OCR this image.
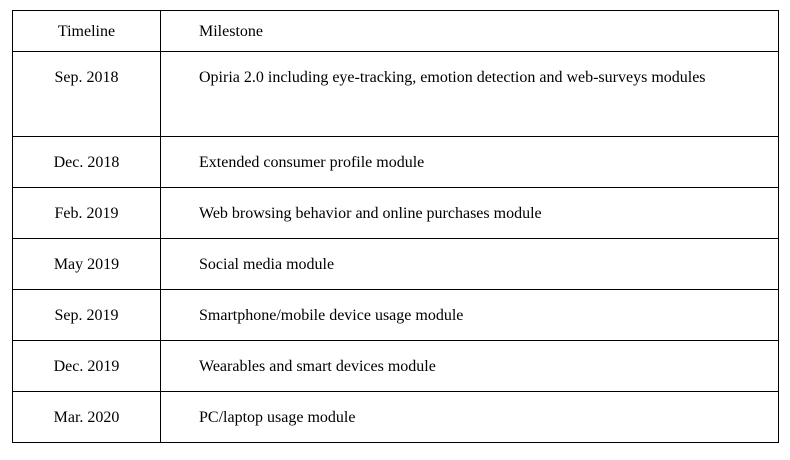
Timeline	Milestone

Sep. 2018	Opiria 2.0 including eye-tracking, emotion detection and web-surveys modules

Dec. 2018	Extended consumer profile module

Feb. 2019	Web browsing behavior and online purchases module

May 2019	Social media module

Sep. 2019	Smartphone/mobile device usage module

Dec. 2019	Wearables and smart devices module

Mar. 2020	PC/laptop usage module
